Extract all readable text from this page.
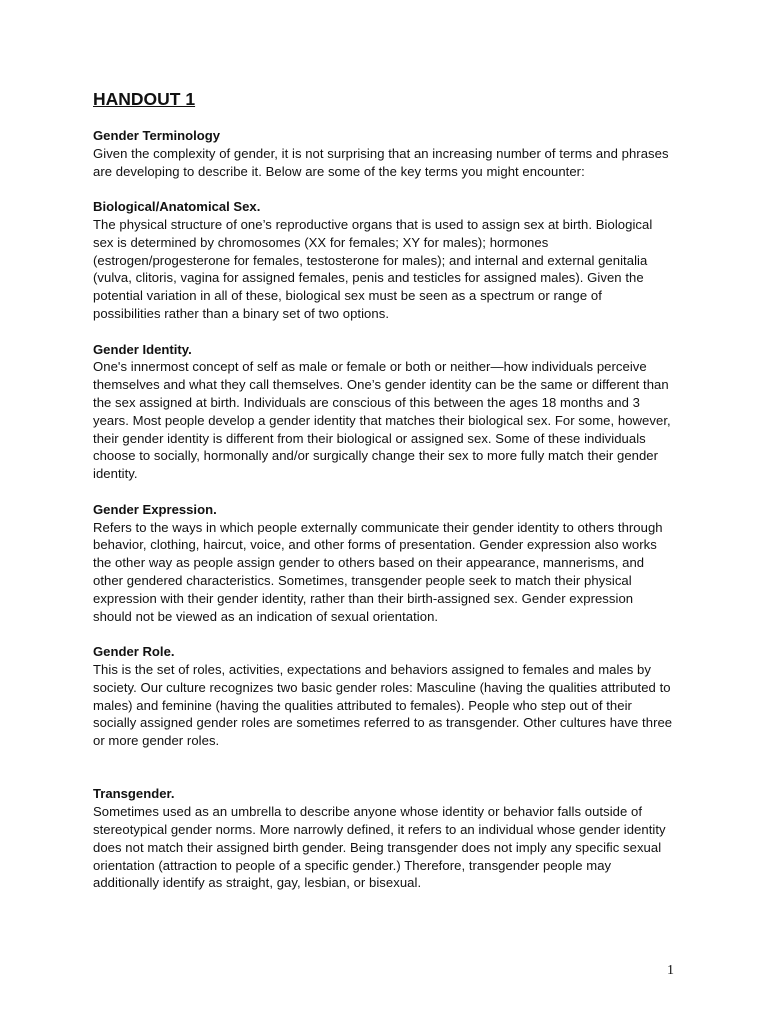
HANDOUT 1

Gender Terminology

Given the complexity of gender, it is not surprising that an increasing number of terms and phrases are developing to describe it. Below are some of the key terms you might encounter:

Biological/Anatomical Sex.

The physical structure of one’s reproductive organs that is used to assign sex at birth. Biological sex is determined by chromosomes (XX for females; XY for males); hormones (estrogen/progesterone for females, testosterone for males); and internal and external genitalia (vulva, clitoris, vagina for assigned females, penis and testicles for assigned males). Given the potential variation in all of these, biological sex must be seen as a spectrum or range of possibilities rather than a binary set of two options.

Gender Identity.

One's innermost concept of self as male or female or both or neither—how individuals perceive themselves and what they call themselves. One’s gender identity can be the same or different than the sex assigned at birth. Individuals are conscious of this between the ages 18 months and 3 years. Most people develop a gender identity that matches their biological sex. For some, however, their gender identity is different from their biological or assigned sex. Some of these individuals choose to socially, hormonally and/or surgically change their sex to more fully match their gender identity.

Gender Expression.

Refers to the ways in which people externally communicate their gender identity to others through behavior, clothing, haircut, voice, and other forms of presentation. Gender expression also works the other way as people assign gender to others based on their appearance, mannerisms, and other gendered characteristics. Sometimes, transgender people seek to match their physical expression with their gender identity, rather than their birth-assigned sex. Gender expression should not be viewed as an indication of sexual orientation.

Gender Role.

This is the set of roles, activities, expectations and behaviors assigned to females and males by society. Our culture recognizes two basic gender roles: Masculine (having the qualities attributed to males) and feminine (having the qualities attributed to females). People who step out of their socially assigned gender roles are sometimes referred to as transgender. Other cultures have three or more gender roles.

Transgender.

Sometimes used as an umbrella to describe anyone whose identity or behavior falls outside of stereotypical gender norms. More narrowly defined, it refers to an individual whose gender identity does not match their assigned birth gender. Being transgender does not imply any specific sexual orientation (attraction to people of a specific gender.) Therefore, transgender people may additionally identify as straight, gay, lesbian, or bisexual.

1
